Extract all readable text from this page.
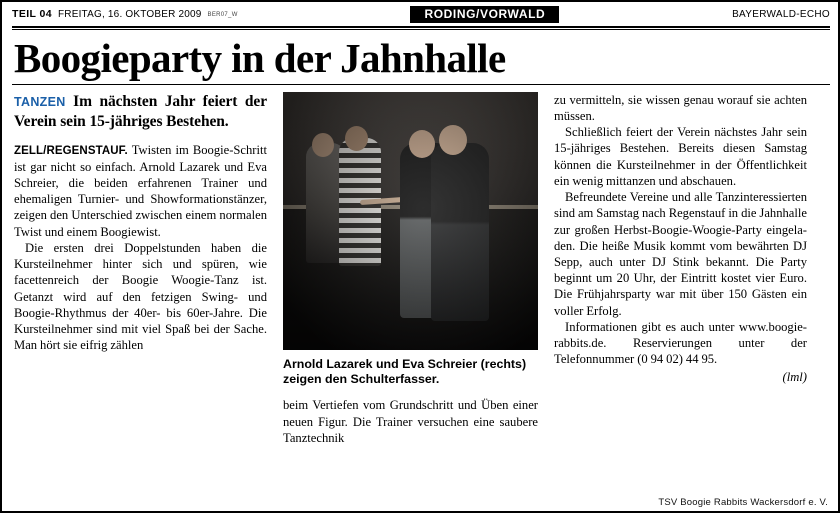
TEIL 04 FREITAG, 16. OKTOBER 2009 BER07_W	RODING/VORWALD	BAYERWALD-ECHO
Boogieparty in der Jahnhalle

TANZEN Im nächsten Jahr feiert der Verein sein 15-jähriges Bestehen.

ZELL/REGENSTAUF. Twisten im Boogie-Schritt ist gar nicht so einfach. Arnold Lazarek und Eva Schreier, die beiden erfahrenen Trainer und ehemaligen Turnier- und Showformationstänzer, zeigen den Unterschied zwischen einem normalen Twist und einem Boogiewist.

Die ersten drei Doppelstunden haben die Kursteilnehmer hinter sich und spüren, wie facettenreich der Boogie Woogie-Tanz ist. Getanzt wird auf den fetzigen Swing- und Boogie-Rhythmus der 40er- bis 60er-Jahre. Die Kursteilnehmer sind mit viel Spaß bei der Sache. Man hört sie eifrig zählen

Arnold Lazarek und Eva Schreier (rechts) zeigen den Schulterfasser.

beim Vertiefen vom Grundschritt und Üben einer neuen Figur. Die Trainer versuchen eine saubere Tanztechnik

zu vermitteln, sie wissen genau worauf sie achten müssen.

Schließlich feiert der Verein nächstes Jahr sein 15-jähriges Bestehen. Bereits diesen Samstag können die Kursteilnehmer in der Öffentlichkeit ein wenig mittanzen und abschauen.

Befreundete Vereine und alle Tanzinteressierten sind am Samstag nach Regenstauf in die Jahnhalle zur großen Herbst-Boogie-Woogie-Party eingeladen. Die heiße Musik kommt vom bewährten DJ Sepp, auch unter DJ Stink bekannt. Die Party beginnt um 20 Uhr, der Eintritt kostet vier Euro. Die Frühjahrsparty war mit über 150 Gästen ein voller Erfolg.

Informationen gibt es auch unter www.boogie-rabbits.de. Reservierungen unter der Telefonnummer (0 94 02) 44 95.

(lml)
TSV Boogie Rabbits Wackersdorf e. V.
